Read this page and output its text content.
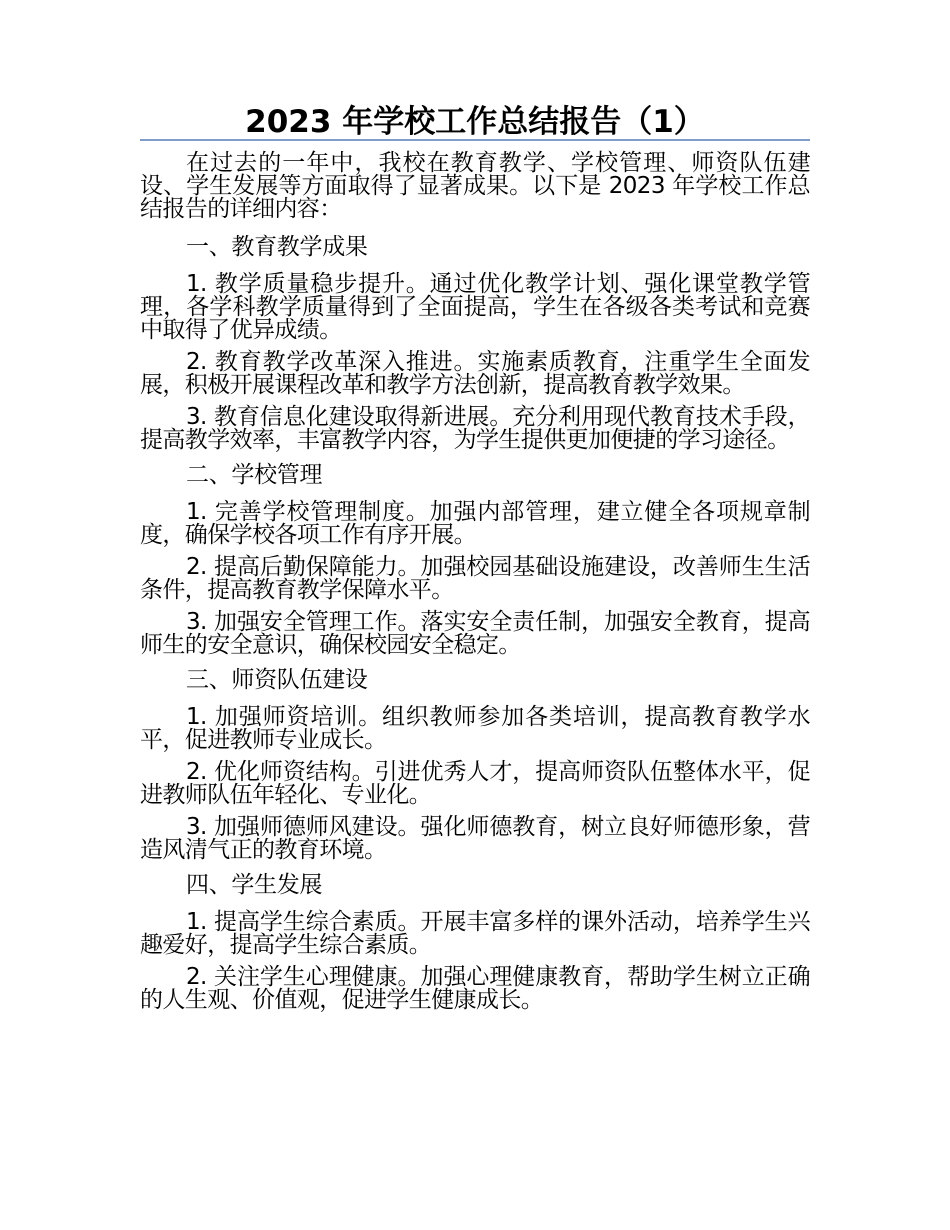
2023 年学校工作总结报告（1）

在过去的一年中，我校在教育教学、学校管理、师资队伍建设、学生发展等方面取得了显著成果。以下是 2023 年学校工作总结报告的详细内容：

一、教育教学成果

1. 教学质量稳步提升。通过优化教学计划、强化课堂教学管理，各学科教学质量得到了全面提高，学生在各级各类考试和竞赛中取得了优异成绩。

2. 教育教学改革深入推进。实施素质教育，注重学生全面发展，积极开展课程改革和教学方法创新，提高教育教学效果。

3. 教育信息化建设取得新进展。充分利用现代教育技术手段，提高教学效率，丰富教学内容，为学生提供更加便捷的学习途径。

二、学校管理

1. 完善学校管理制度。加强内部管理，建立健全各项规章制度，确保学校各项工作有序开展。

2. 提高后勤保障能力。加强校园基础设施建设，改善师生生活条件，提高教育教学保障水平。

3. 加强安全管理工作。落实安全责任制，加强安全教育，提高师生的安全意识，确保校园安全稳定。

三、师资队伍建设

1. 加强师资培训。组织教师参加各类培训，提高教育教学水平，促进教师专业成长。

2. 优化师资结构。引进优秀人才，提高师资队伍整体水平，促进教师队伍年轻化、专业化。

3. 加强师德师风建设。强化师德教育，树立良好师德形象，营造风清气正的教育环境。

四、学生发展

1. 提高学生综合素质。开展丰富多样的课外活动，培养学生兴趣爱好，提高学生综合素质。

2. 关注学生心理健康。加强心理健康教育，帮助学生树立正确的人生观、价值观，促进学生健康成长。
